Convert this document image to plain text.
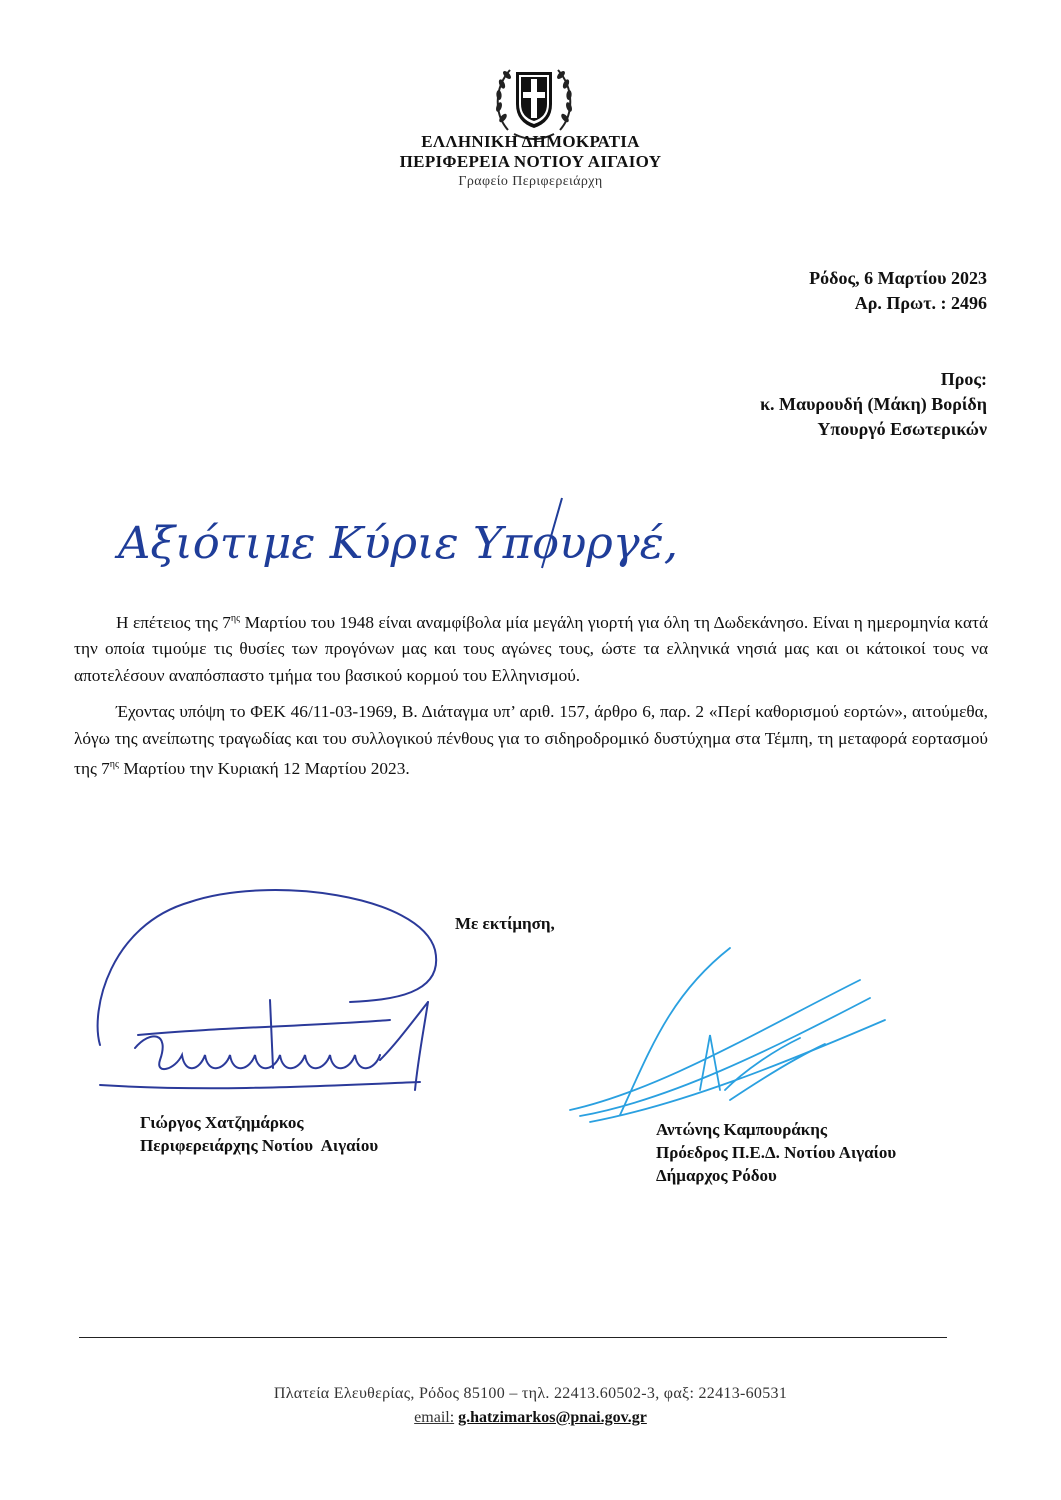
ΕΛΛΗΝΙΚΗ ΔΗΜΟΚΡΑΤΙΑ
ΠΕΡΙΦΕΡΕΙΑ ΝΟΤΙΟΥ ΑΙΓΑΙΟΥ
Γραφείο Περιφερειάρχη
Ρόδος, 6 Μαρτίου 2023
Αρ. Πρωτ. : 2496
Προς:
κ. Μαυρουδή (Μάκη) Βορίδη
Υπουργό Εσωτερικών
Αξιότιμε Κύριε Υπουργέ,

Η επέτειος της $7^{\eta\varsigma}$ Μαρτίου του 1948 είναι αναμφίβολα μία μεγάλη γιορτή για όλη τη Δωδεκάνησο. Είναι η ημερομηνία κατά την οποία τιμούμε τις θυσίες των προγόνων μας και τους αγώνες τους, ώστε τα ελληνικά νησιά μας και οι κάτοικοί τους να αποτελέσουν αναπόσπαστο τμήμα του βασικού κορμού του Ελληνισμού.

Έχοντας υπόψη το ΦΕΚ 46/11-03-1969, Β. Διάταγμα υπ’ αριθ. 157, άρθρο 6, παρ. 2 «Περί καθορισμού εορτών», αιτούμεθα, λόγω της ανείπωτης τραγωδίας και του συλλογικού πένθους για το σιδηροδρομικό δυστύχημα στα Τέμπη, τη μεταφορά εορτασμού της $7^{\eta\varsigma}$ Μαρτίου την Κυριακή 12 Μαρτίου 2023.

Με εκτίμηση,
Γιώργος Χατζημάρκος
Περιφερειάρχης Νοτίου  Αιγαίου
Αντώνης Καμπουράκης
Πρόεδρος Π.Ε.Δ. Νοτίου Αιγαίου
Δήμαρχος Ρόδου
Πλατεία Ελευθερίας, Ρόδος 85100 – τηλ. 22413.60502-3, φαξ: 22413-60531
email: g.hatzimarkos@pnai.gov.gr
